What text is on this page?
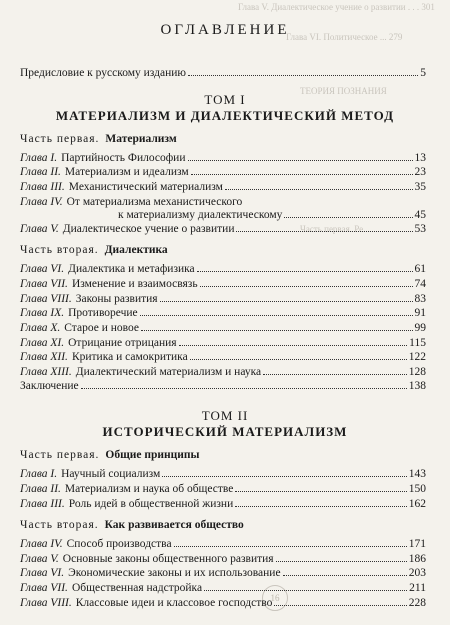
Глава V. Диалектическое учение о развитии . . . 301
Глава VI. Политическое ... 279
ТЕОРИЯ ПОЗНАНИЯ
Часть первая. Ре...
16
ОГЛАВЛЕНИЕ
Предисловие к русскому изданию	5
ТОМ I
МАТЕРИАЛИЗМ И ДИАЛЕКТИЧЕСКИЙ МЕТОД
Часть первая. Материализм
Глава I. Партийность Философии	13
Глава II. Материализм и идеализм	23
Глава III. Механистический материализм	35
Глава IV. От материализма механистического
к материализму диалектическому	45
Глава V. Диалектическое учение о развитии	53
Часть вторая. Диалектика
Глава VI. Диалектика и метафизика	61
Глава VII. Изменение и взаимосвязь	74
Глава VIII. Законы развития	83
Глава IX. Противоречие	91
Глава X. Старое и новое	99
Глава XI. Отрицание отрицания	115
Глава XII. Критика и самокритика	122
Глава XIII. Диалектический материализм и наука	128
Заключение	138
ТОМ II
ИСТОРИЧЕСКИЙ МАТЕРИАЛИЗМ
Часть первая. Общие принципы
Глава I. Научный социализм	143
Глава II. Материализм и наука об обществе	150
Глава III. Роль идей в общественной жизни	162
Часть вторая. Как развивается общество
Глава IV. Способ производства	171
Глава V. Основные законы общественного развития	186
Глава VI. Экономические законы и их использование	203
Глава VII. Общественная надстройка	211
Глава VIII. Классовые идеи и классовое господство	228
